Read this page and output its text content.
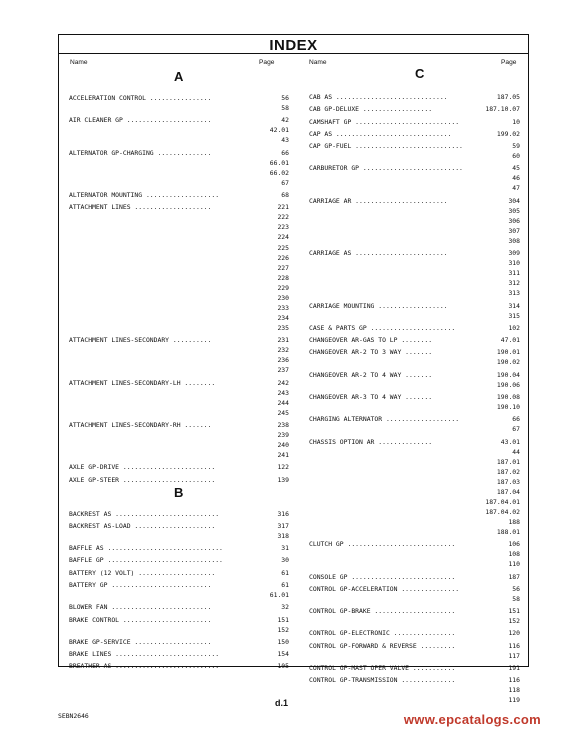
INDEX
Name	Page	Name	Page
A
ACCELERATION CONTROL ................	56
58
AIR CLEANER GP ......................	42
42.01
43
ALTERNATOR GP-CHARGING ..............	66
66.01
66.02
67
ALTERNATOR MOUNTING ...................	68
ATTACHMENT LINES ....................	221
222
223
224
225
226
227
228
229
230
233
234
235
ATTACHMENT LINES-SECONDARY ..........	231
232
236
237
ATTACHMENT LINES-SECONDARY-LH ........	242
243
244
245
ATTACHMENT LINES-SECONDARY-RH .......	238
239
240
241
AXLE GP-DRIVE ........................	122
AXLE GP-STEER ........................	139
B
BACKREST AS ...........................	316
BACKREST AS-LOAD .....................	317
318
BAFFLE AS ..............................	31
BAFFLE GP ..............................	30
BATTERY (12 VOLT) ....................	61
BATTERY GP ..........................	61
61.01
BLOWER FAN ..........................	32
BRAKE CONTROL .......................	151
152
BRAKE GP-SERVICE ....................	150
BRAKE LINES ...........................	154
BREATHER AS ...........................	105
C
CAB AS .............................	187.05
CAB GP-DELUXE ..................	187.10.07
CAMSHAFT GP ...........................	10
CAP AS ..............................	199.02
CAP GP-FUEL ............................	59
60
CARBURETOR GP ..........................	45
46
47
CARRIAGE AR ........................	304
305
306
307
308
CARRIAGE AS ........................	309
310
311
312
313
CARRIAGE MOUNTING ..................	314
315
CASE & PARTS GP ......................	102
CHANGEOVER AR-GAS TO LP ........	47.01
CHANGEOVER AR-2 TO 3 WAY .......	190.01
190.02
CHANGEOVER AR-2 TO 4 WAY .......	190.04
190.06
CHANGEOVER AR-3 TO 4 WAY .......	190.08
190.10
CHARGING ALTERNATOR ...................	66
67
CHASSIS OPTION AR ..............	43.01
44
187.01
187.02
187.03
187.04
187.04.01
187.04.02
188
188.01
CLUTCH GP ............................	106
108
110
CONSOLE GP ...........................	187
CONTROL GP-ACCELERATION ...............	56
58
CONTROL GP-BRAKE .....................	151
152
CONTROL GP-ELECTRONIC ................	120
CONTROL GP-FORWARD & REVERSE .........	116
117
CONTROL GP-MAST OPER VALVE ...........	191
CONTROL GP-TRANSMISSION ..............	116
118
119
d.1
SEBN2646	www.epcatalogs.com
